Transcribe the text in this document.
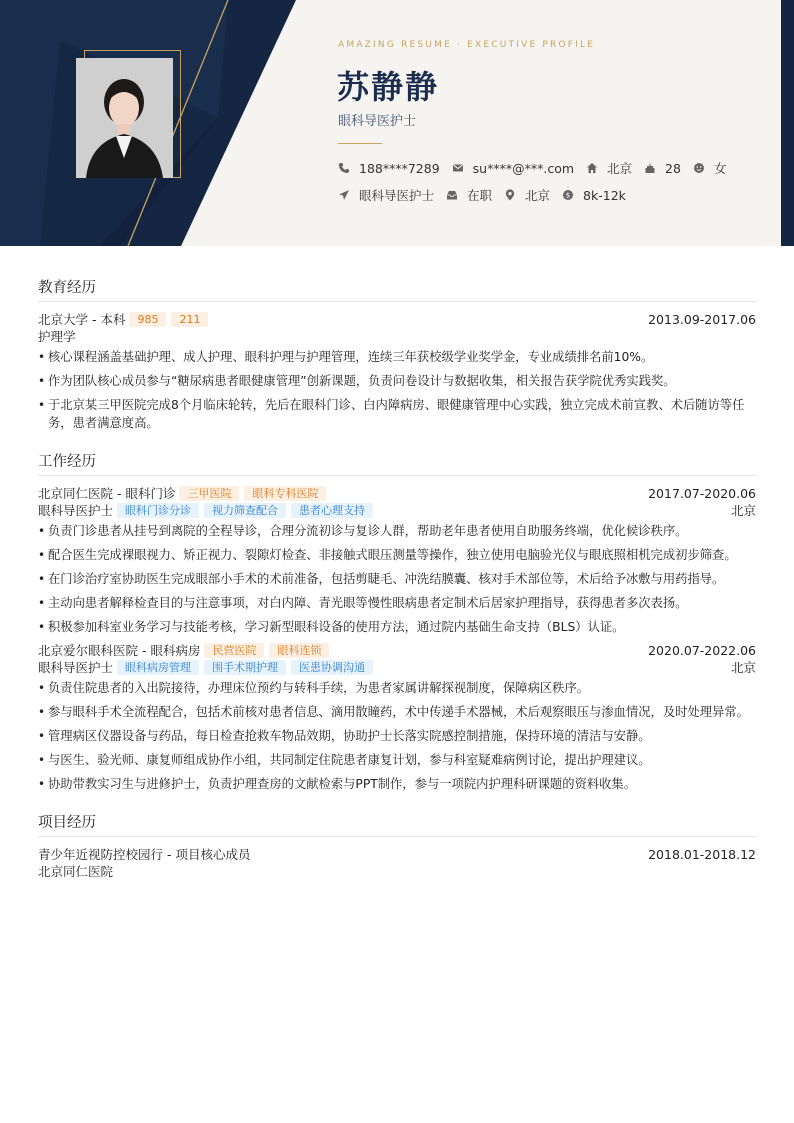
AMAZING RESUME · EXECUTIVE PROFILE
苏静静
眼科导医护士
188****7289	su****@***.com	北京	28	女
眼科导医护士	在职	北京 $ 8k-12k
教育经历
北京大学 - 本科	985	211	2013.09-2017.06
护理学
• 核心课程涵盖基础护理、成人护理、眼科护理与护理管理，连续三年获校级学业奖学金，专业成绩排名前10%。
• 作为团队核心成员参与“糖尿病患者眼健康管理”创新课题，负责问卷设计与数据收集，相关报告获学院优秀实践奖。
• 于北京某三甲医院完成8个月临床轮转，先后在眼科门诊、白内障病房、眼健康管理中心实践，独立完成术前宣教、术后随访等任务，患者满意度高。
工作经历
北京同仁医院 - 眼科门诊	三甲医院	眼科专科医院	2017.07-2020.06
眼科导医护士	眼科门诊分诊	视力筛查配合	患者心理支持	北京
• 负责门诊患者从挂号到离院的全程导诊，合理分流初诊与复诊人群，帮助老年患者使用自助服务终端，优化候诊秩序。
• 配合医生完成裸眼视力、矫正视力、裂隙灯检查、非接触式眼压测量等操作，独立使用电脑验光仪与眼底照相机完成初步筛查。
• 在门诊治疗室协助医生完成眼部小手术的术前准备，包括剪睫毛、冲洗结膜囊、核对手术部位等，术后给予冰敷与用药指导。
• 主动向患者解释检查目的与注意事项，对白内障、青光眼等慢性眼病患者定制术后居家护理指导，获得患者多次表扬。
• 积极参加科室业务学习与技能考核，学习新型眼科设备的使用方法，通过院内基础生命支持（BLS）认证。
北京爱尔眼科医院 - 眼科病房	民营医院	眼科连锁	2020.07-2022.06
眼科导医护士	眼科病房管理	围手术期护理	医患协调沟通	北京
• 负责住院患者的入出院接待，办理床位预约与转科手续，为患者家属讲解探视制度，保障病区秩序。
• 参与眼科手术全流程配合，包括术前核对患者信息、滴用散瞳药，术中传递手术器械，术后观察眼压与渗血情况，及时处理异常。
• 管理病区仪器设备与药品，每日检查抢救车物品效期，协助护士长落实院感控制措施，保持环境的清洁与安静。
• 与医生、验光师、康复师组成协作小组，共同制定住院患者康复计划，参与科室疑难病例讨论，提出护理建议。
• 协助带教实习生与进修护士，负责护理查房的文献检索与PPT制作，参与一项院内护理科研课题的资料收集。
项目经历
青少年近视防控校园行 - 项目核心成员	2018.01-2018.12
北京同仁医院
